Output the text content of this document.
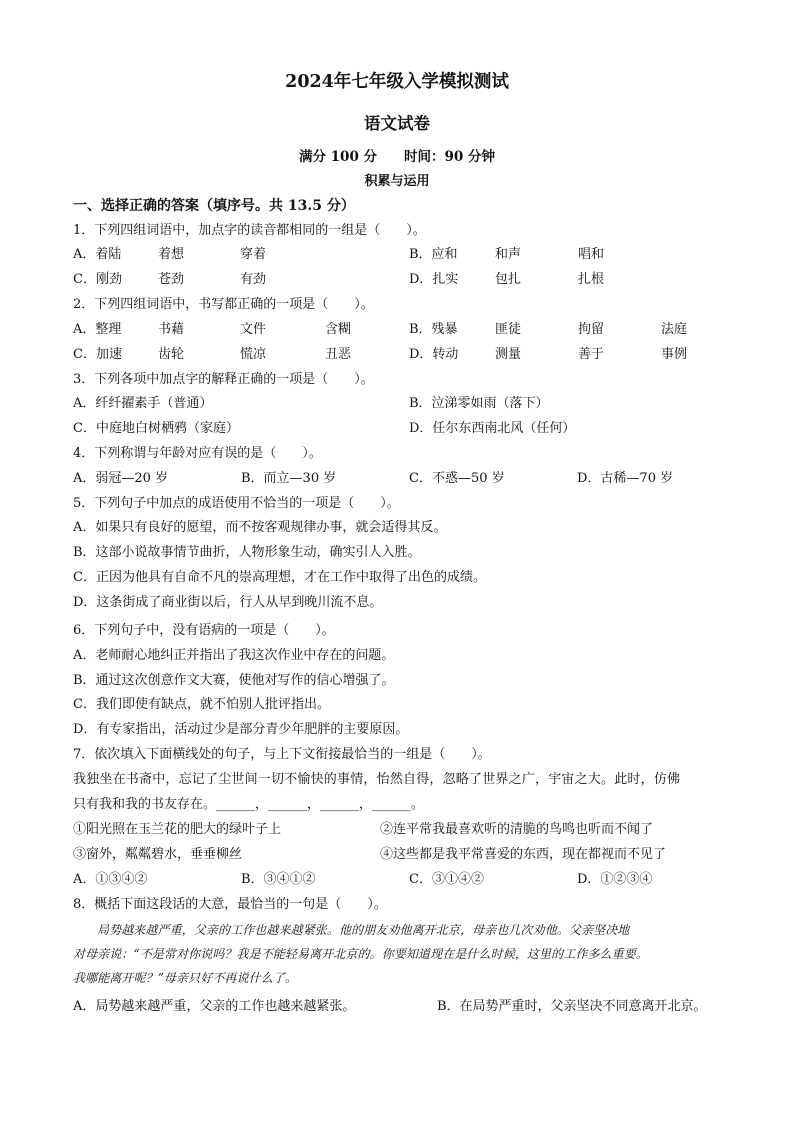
2024年七年级入学模拟测试
语文试卷
满分 100 分　　时间：90 分钟
积累与运用
一、选择正确的答案（填序号。共 13.5 分）
1．下列四组词语中，加点字的读音都相同的一组是（　　）。
A．着陆	着想	穿着	B．应和	和声	唱和
C．刚劲	苍劲	有劲	D．扎实	包扎	扎根
2．下列四组词语中，书写都正确的一项是（　　）。
A．整理	书藉	文件	含糊	B．残暴	匪徒	拘留	法庭
C．加速	齿轮	慌凉	丑恶	D．转动	测量	善于	事例
3．下列各项中加点字的解释正确的一项是（　　）。
A．纤纤擢素手（普通）	B．泣涕零如雨（落下）
C．中庭地白树栖鸦（家庭）	D．任尔东西南北风（任何）
4．下列称谓与年龄对应有误的是（　　）。
A．弱冠—20 岁	B．而立—30 岁	C．不惑—50 岁	D．古稀—70 岁
5．下列句子中加点的成语使用不恰当的一项是（　　）。
A．如果只有良好的愿望，而不按客观规律办事，就会适得其反。
B．这部小说故事情节曲折，人物形象生动，确实引人入胜。
C．正因为他具有自命不凡的崇高理想，才在工作中取得了出色的成绩。
D．这条街成了商业街以后，行人从早到晚川流不息。
6．下列句子中，没有语病的一项是（　　）。
A．老师耐心地纠正并指出了我这次作业中存在的问题。
B．通过这次创意作文大赛，使他对写作的信心增强了。
C．我们即使有缺点，就不怕别人批评指出。
D．有专家指出，活动过少是部分青少年肥胖的主要原因。
7．依次填入下面横线处的句子，与上下文衔接最恰当的一组是（　　）。
我独坐在书斋中，忘记了尘世间一切不愉快的事情，怡然自得，忽略了世界之广，宇宙之大。此时，仿佛
只有我和我的书友存在。______，______，______，______。
①阳光照在玉兰花的肥大的绿叶子上	②连平常我最喜欢听的清脆的鸟鸣也听而不闻了
③窗外，粼粼碧水，垂垂柳丝	④这些都是我平常喜爱的东西，现在都视而不见了
A．①③④②	B．③④①②	C．③①④②	D．①②③④
8．概括下面这段话的大意，最恰当的一句是（　　）。

局势越来越严重，父亲的工作也越来越紧张。他的朋友劝他离开北京，母亲也几次劝他。父亲坚决地

对母亲说：“不是常对你说吗？我是不能轻易离开北京的。你要知道现在是什么时候，这里的工作多么重要。

我哪能离开呢？”母亲只好不再说什么了。

A．局势越来越严重，父亲的工作也越来越紧张。	B．在局势严重时，父亲坚决不同意离开北京。
